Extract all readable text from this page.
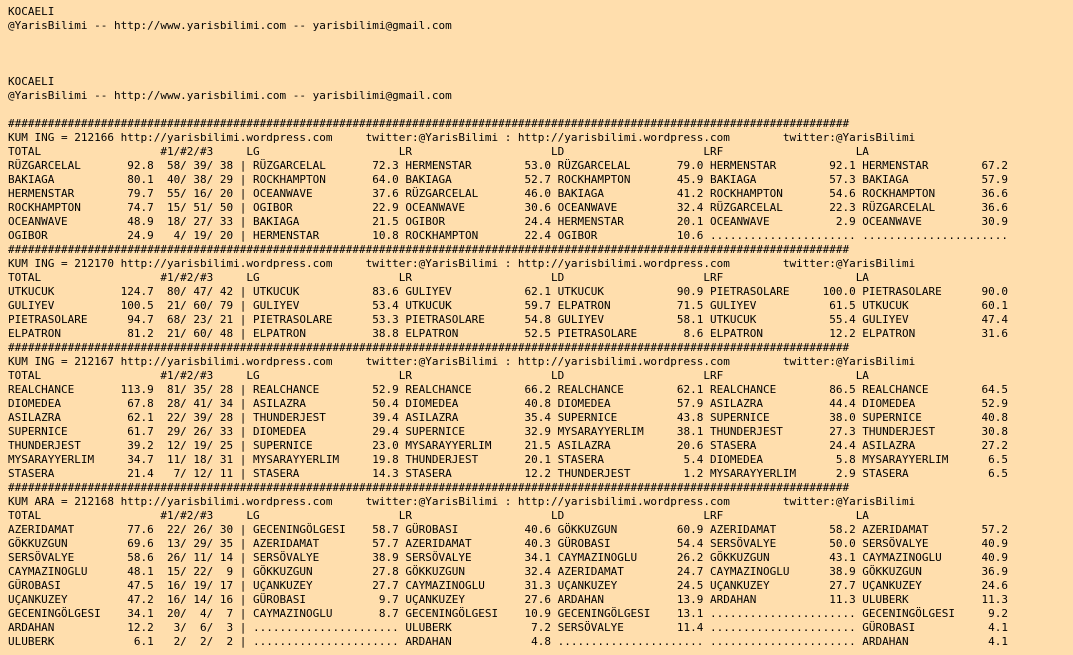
KOCAELI
@YarisBilimi -- http://www.yarisbilimi.com -- yarisbilimi@gmail.com
KOCAELI
@YarisBilimi -- http://www.yarisbilimi.com -- yarisbilimi@gmail.com
###############################################################################################################################
KUM ING = 212166 http://yarisbilimi.wordpress.com     twitter:@YarisBilimi : http://yarisbilimi.wordpress.com        twitter:@YarisBilimi
TOTAL                  #1/#2/#3     LG                     LR                     LD                     LRF                    LA
RÜZGARCELAL       92.8  58/ 39/ 38 | RÜZGARCELAL       72.3 HERMENSTAR        53.0 RÜZGARCELAL       79.0 HERMENSTAR        92.1 HERMENSTAR        67.2
BAKIAGA           80.1  40/ 38/ 29 | ROCKHAMPTON       64.0 BAKIAGA           52.7 ROCKHAMPTON       45.9 BAKIAGA           57.3 BAKIAGA           57.9
HERMENSTAR        79.7  55/ 16/ 20 | OCEANWAVE         37.6 RÜZGARCELAL       46.0 BAKIAGA           41.2 ROCKHAMPTON       54.6 ROCKHAMPTON       36.6
ROCKHAMPTON       74.7  15/ 51/ 50 | OGIBOR            22.9 OCEANWAVE         30.6 OCEANWAVE         32.4 RÜZGARCELAL       22.3 RÜZGARCELAL       36.6
OCEANWAVE         48.9  18/ 27/ 33 | BAKIAGA           21.5 OGIBOR            24.4 HERMENSTAR        20.1 OCEANWAVE          2.9 OCEANWAVE         30.9
OGIBOR            24.9   4/ 19/ 20 | HERMENSTAR        10.8 ROCKHAMPTON       22.4 OGIBOR            10.6 ...................... ......................
###############################################################################################################################
KUM ING = 212170 http://yarisbilimi.wordpress.com     twitter:@YarisBilimi : http://yarisbilimi.wordpress.com        twitter:@YarisBilimi
TOTAL                  #1/#2/#3     LG                     LR                     LD                     LRF                    LA
UTKUCUK          124.7  80/ 47/ 42 | UTKUCUK           83.6 GULIYEV           62.1 UTKUCUK           90.9 PIETRASOLARE     100.0 PIETRASOLARE      90.0
GULIYEV          100.5  21/ 60/ 79 | GULIYEV           53.4 UTKUCUK           59.7 ELPATRON          71.5 GULIYEV           61.5 UTKUCUK           60.1
PIETRASOLARE      94.7  68/ 23/ 21 | PIETRASOLARE      53.3 PIETRASOLARE      54.8 GULIYEV           58.1 UTKUCUK           55.4 GULIYEV           47.4
ELPATRON          81.2  21/ 60/ 48 | ELPATRON          38.8 ELPATRON          52.5 PIETRASOLARE       8.6 ELPATRON          12.2 ELPATRON          31.6
###############################################################################################################################
KUM ING = 212167 http://yarisbilimi.wordpress.com     twitter:@YarisBilimi : http://yarisbilimi.wordpress.com        twitter:@YarisBilimi
TOTAL                  #1/#2/#3     LG                     LR                     LD                     LRF                    LA
REALCHANCE       113.9  81/ 35/ 28 | REALCHANCE        52.9 REALCHANCE        66.2 REALCHANCE        62.1 REALCHANCE        86.5 REALCHANCE        64.5
DIOMEDEA          67.8  28/ 41/ 34 | ASILAZRA          50.4 DIOMEDEA          40.8 DIOMEDEA          57.9 ASILAZRA          44.4 DIOMEDEA          52.9
ASILAZRA          62.1  22/ 39/ 28 | THUNDERJEST       39.4 ASILAZRA          35.4 SUPERNICE         43.8 SUPERNICE         38.0 SUPERNICE         40.8
SUPERNICE         61.7  29/ 26/ 33 | DIOMEDEA          29.4 SUPERNICE         32.9 MYSARAYYERLIM     38.1 THUNDERJEST       27.3 THUNDERJEST       30.8
THUNDERJEST       39.2  12/ 19/ 25 | SUPERNICE         23.0 MYSARAYYERLIM     21.5 ASILAZRA          20.6 STASERA           24.4 ASILAZRA          27.2
MYSARAYYERLIM     34.7  11/ 18/ 31 | MYSARAYYERLIM     19.8 THUNDERJEST       20.1 STASERA            5.4 DIOMEDEA           5.8 MYSARAYYERLIM      6.5
STASERA           21.4   7/ 12/ 11 | STASERA           14.3 STASERA           12.2 THUNDERJEST        1.2 MYSARAYYERLIM      2.9 STASERA            6.5
###############################################################################################################################
KUM ARA = 212168 http://yarisbilimi.wordpress.com     twitter:@YarisBilimi : http://yarisbilimi.wordpress.com        twitter:@YarisBilimi
TOTAL                  #1/#2/#3     LG                     LR                     LD                     LRF                    LA
AZERIDAMAT        77.6  22/ 26/ 30 | GECENINGÖLGESI    58.7 GÜROBASI          40.6 GÖKKUZGUN         60.9 AZERIDAMAT        58.2 AZERIDAMAT        57.2
GÖKKUZGUN         69.6  13/ 29/ 35 | AZERIDAMAT        57.7 AZERIDAMAT        40.3 GÜROBASI          54.4 SERSÖVALYE        50.0 SERSÖVALYE        40.9
SERSÖVALYE        58.6  26/ 11/ 14 | SERSÖVALYE        38.9 SERSÖVALYE        34.1 CAYMAZINOGLU      26.2 GÖKKUZGUN         43.1 CAYMAZINOGLU      40.9
CAYMAZINOGLU      48.1  15/ 22/  9 | GÖKKUZGUN         27.8 GÖKKUZGUN         32.4 AZERIDAMAT        24.7 CAYMAZINOGLU      38.9 GÖKKUZGUN         36.9
GÜROBASI          47.5  16/ 19/ 17 | UÇANKUZEY         27.7 CAYMAZINOGLU      31.3 UÇANKUZEY         24.5 UÇANKUZEY         27.7 UÇANKUZEY         24.6
UÇANKUZEY         47.2  16/ 14/ 16 | GÜROBASI           9.7 UÇANKUZEY         27.6 ARDAHAN           13.9 ARDAHAN           11.3 ULUBERK           11.3
GECENINGÖLGESI    34.1  20/  4/  7 | CAYMAZINOGLU       8.7 GECENINGÖLGESI    10.9 GECENINGÖLGESI    13.1 ...................... GECENINGÖLGESI     9.2
ARDAHAN           12.2   3/  6/  3 | ...................... ULUBERK            7.2 SERSÖVALYE        11.4 ...................... GÜROBASI           4.1
ULUBERK            6.1   2/  2/  2 | ...................... ARDAHAN            4.8 ...................... ...................... ARDAHAN            4.1
